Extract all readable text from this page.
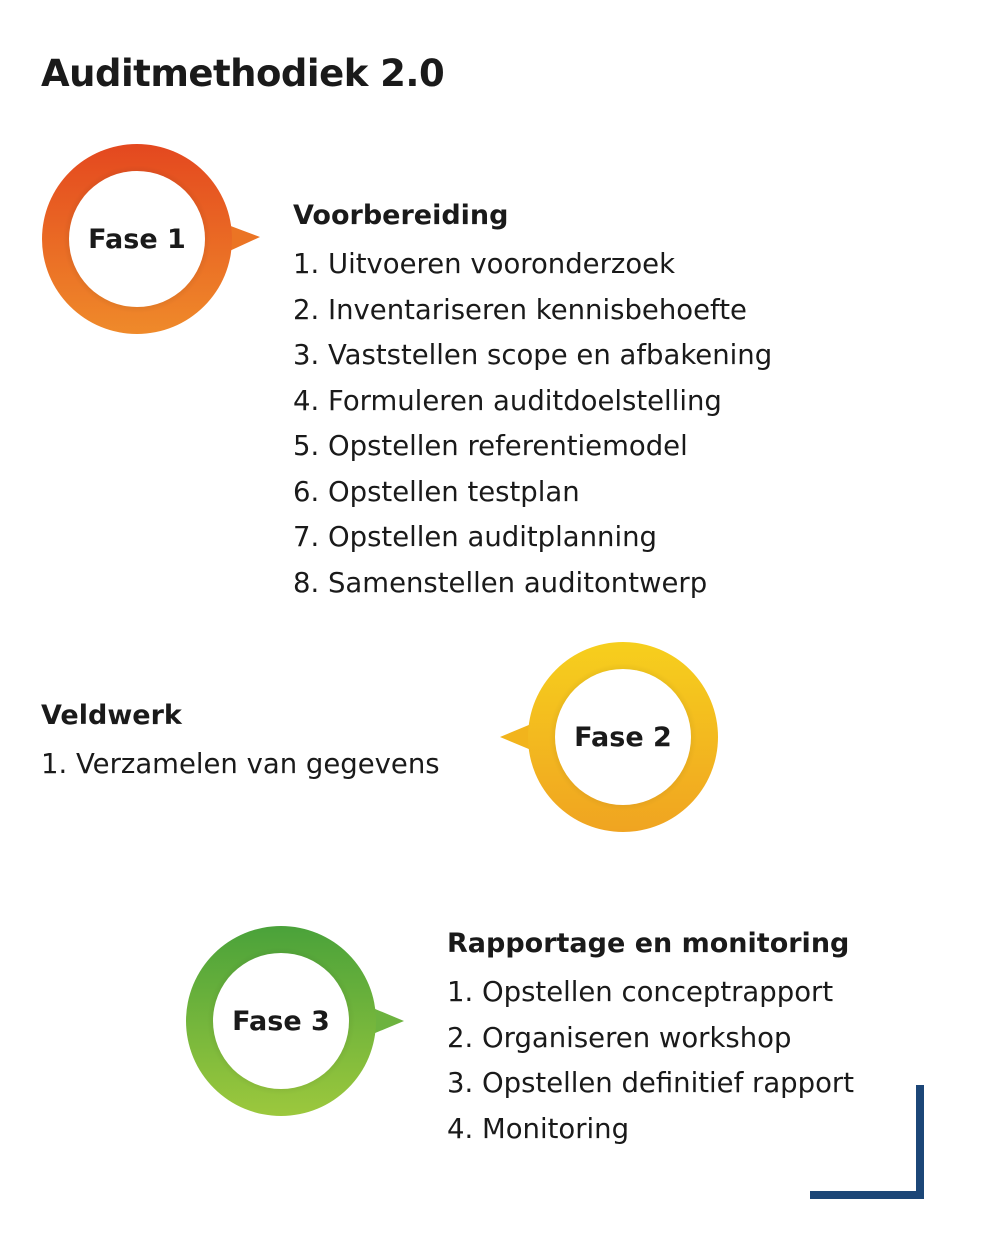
Auditmethodiek 2.0
Fase 1
Voorbereiding
1. Uitvoeren vooronderzoek
2. Inventariseren kennisbehoefte
3. Vaststellen scope en afbakening
4. Formuleren auditdoelstelling
5. Opstellen referentiemodel
6. Opstellen testplan
7. Opstellen auditplanning
8. Samenstellen auditontwerp
Veldwerk
1. Verzamelen van gegevens
Fase 2
Fase 3
Rapportage en monitoring
1. Opstellen conceptrapport
2. Organiseren workshop
3. Opstellen definitief rapport
4. Monitoring
